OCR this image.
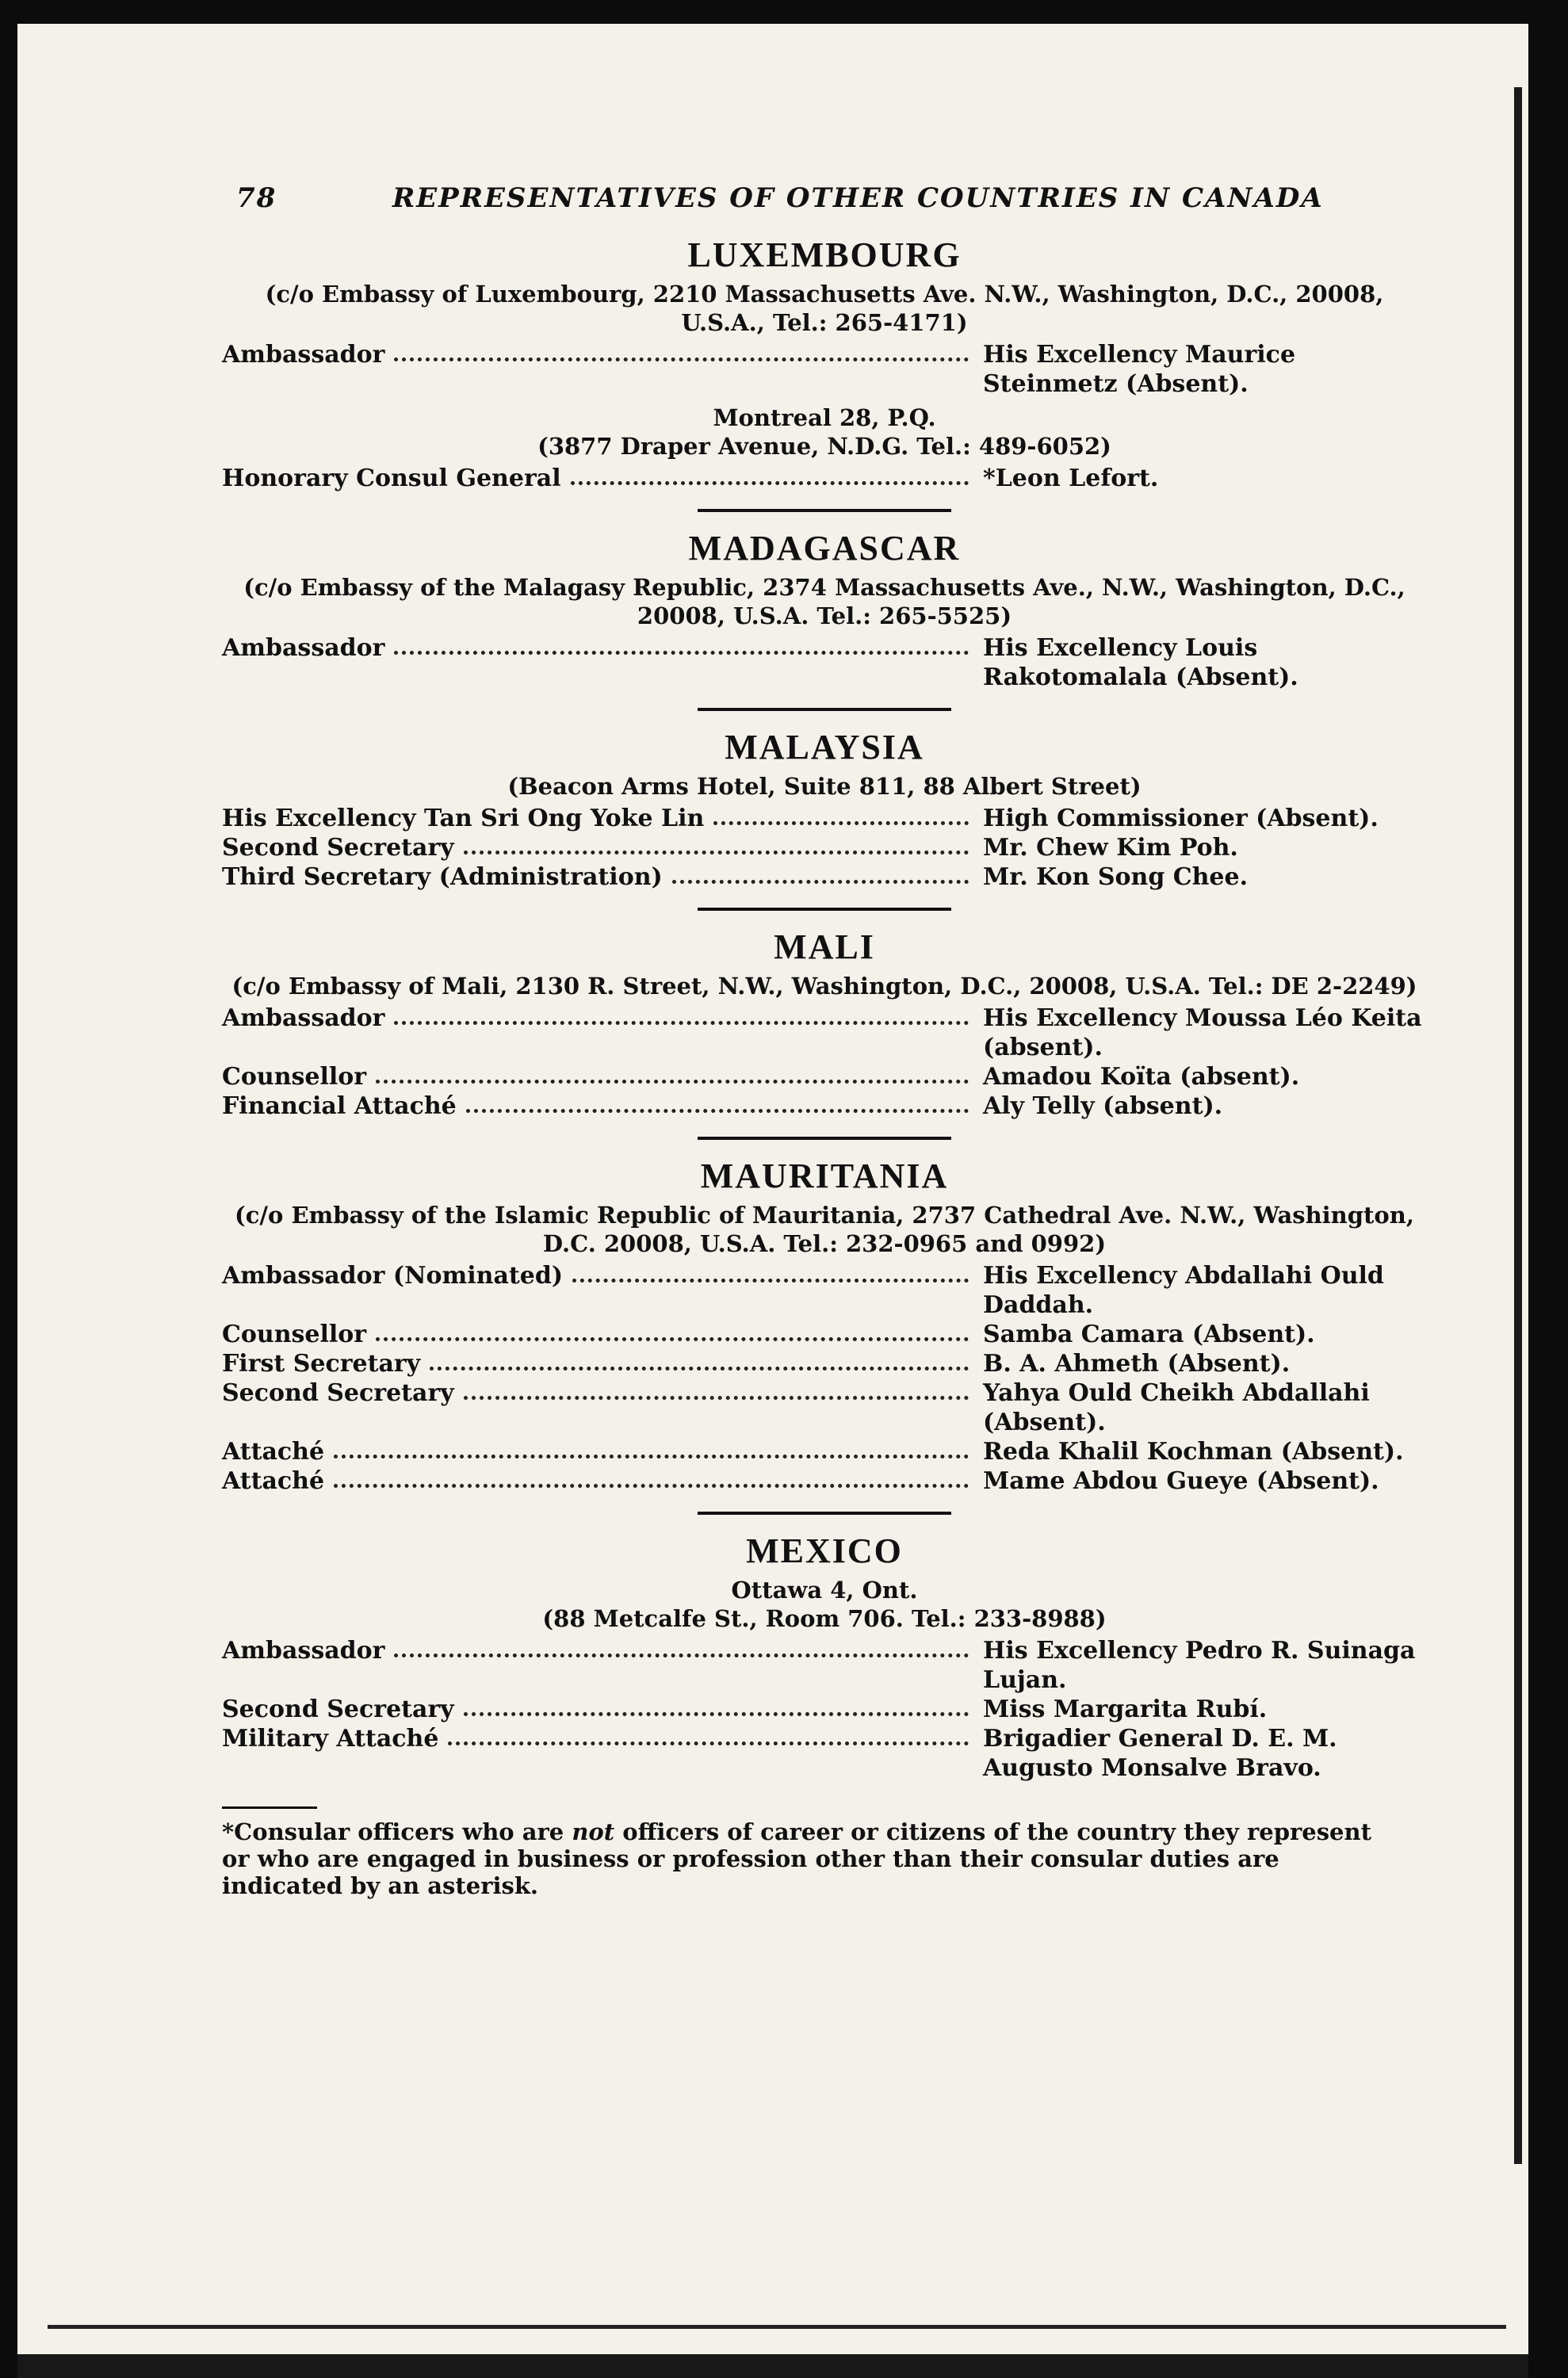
78	REPRESENTATIVES OF OTHER COUNTRIES IN CANADA
LUXEMBOURG
(c/o Embassy of Luxembourg, 2210 Massachusetts Ave. N.W., Washington, D.C., 20008, U.S.A., Tel.: 265-4171)
Ambassador	His Excellency Maurice Steinmetz (Absent).
Montreal 28, P.Q.
(3877 Draper Avenue, N.D.G. Tel.: 489-6052)
Honorary Consul General	*Leon Lefort.
MADAGASCAR
(c/o Embassy of the Malagasy Republic, 2374 Massachusetts Ave., N.W., Washington, D.C., 20008, U.S.A. Tel.: 265-5525)
Ambassador	His Excellency Louis Rakotomalala (Absent).
MALAYSIA
(Beacon Arms Hotel, Suite 811, 88 Albert Street)
His Excellency Tan Sri Ong Yoke Lin	High Commissioner (Absent).
Second Secretary	Mr. Chew Kim Poh.
Third Secretary (Administration)	Mr. Kon Song Chee.
MALI
(c/o Embassy of Mali, 2130 R. Street, N.W., Washington, D.C., 20008, U.S.A. Tel.: DE 2-2249)
Ambassador	His Excellency Moussa Léo Keita (absent).
Counsellor	Amadou Koïta (absent).
Financial Attaché	Aly Telly (absent).
MAURITANIA
(c/o Embassy of the Islamic Republic of Mauritania, 2737 Cathedral Ave. N.W., Washington, D.C. 20008, U.S.A. Tel.: 232-0965 and 0992)
Ambassador (Nominated)	His Excellency Abdallahi Ould Daddah.
Counsellor	Samba Camara (Absent).
First Secretary	B. A. Ahmeth (Absent).
Second Secretary	Yahya Ould Cheikh Abdallahi (Absent).
Attaché	Reda Khalil Kochman (Absent).
Attaché	Mame Abdou Gueye (Absent).
MEXICO
Ottawa 4, Ont.
(88 Metcalfe St., Room 706. Tel.: 233-8988)
Ambassador	His Excellency Pedro R. Suinaga Lujan.
Second Secretary	Miss Margarita Rubí.
Military Attaché	Brigadier General D. E. M. Augusto Monsalve Bravo.
*Consular officers who are not officers of career or citizens of the country they represent or who are engaged in business or profession other than their consular duties are indicated by an asterisk.
